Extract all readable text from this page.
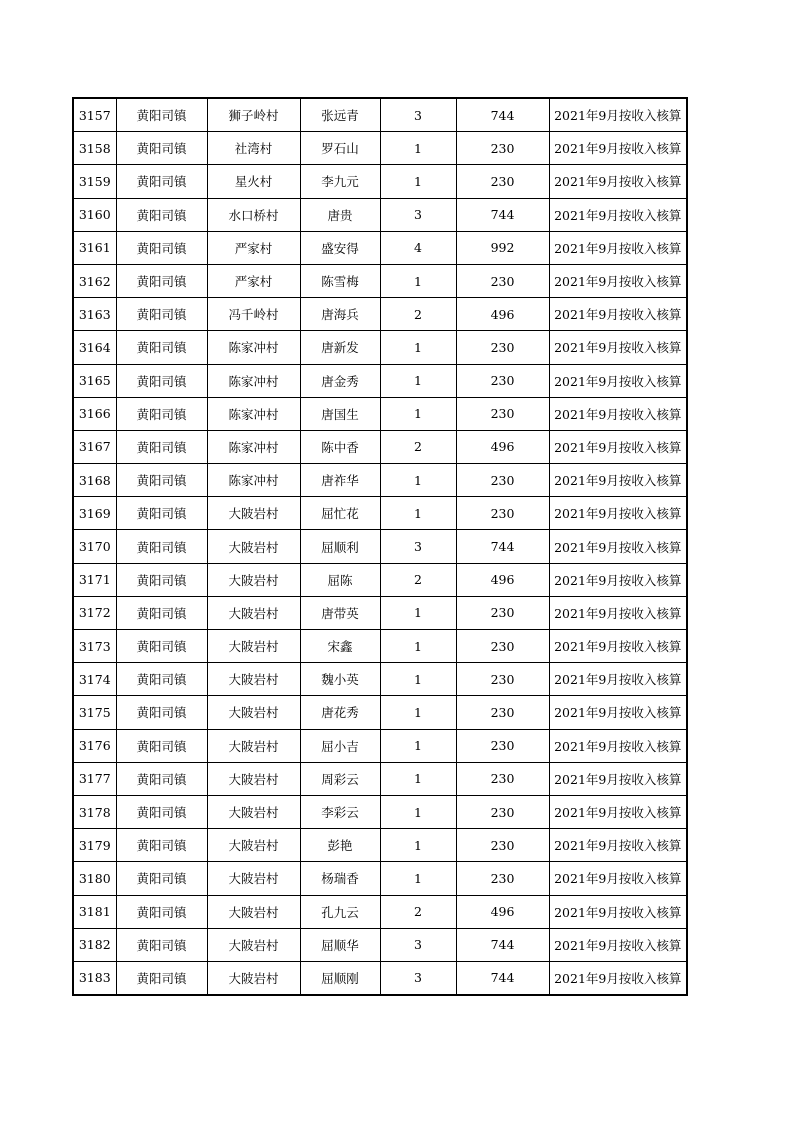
3157	黄阳司镇	狮子岭村	张远青	3	744	2021年9月按收入核算
3158	黄阳司镇	社湾村	罗石山	1	230	2021年9月按收入核算
3159	黄阳司镇	星火村	李九元	1	230	2021年9月按收入核算
3160	黄阳司镇	水口桥村	唐贵	3	744	2021年9月按收入核算
3161	黄阳司镇	严家村	盛安得	4	992	2021年9月按收入核算
3162	黄阳司镇	严家村	陈雪梅	1	230	2021年9月按收入核算
3163	黄阳司镇	冯千岭村	唐海兵	2	496	2021年9月按收入核算
3164	黄阳司镇	陈家冲村	唐新发	1	230	2021年9月按收入核算
3165	黄阳司镇	陈家冲村	唐金秀	1	230	2021年9月按收入核算
3166	黄阳司镇	陈家冲村	唐国生	1	230	2021年9月按收入核算
3167	黄阳司镇	陈家冲村	陈中香	2	496	2021年9月按收入核算
3168	黄阳司镇	陈家冲村	唐祚华	1	230	2021年9月按收入核算
3169	黄阳司镇	大陂岩村	屈忙花	1	230	2021年9月按收入核算
3170	黄阳司镇	大陂岩村	屈顺利	3	744	2021年9月按收入核算
3171	黄阳司镇	大陂岩村	屈陈	2	496	2021年9月按收入核算
3172	黄阳司镇	大陂岩村	唐带英	1	230	2021年9月按收入核算
3173	黄阳司镇	大陂岩村	宋鑫	1	230	2021年9月按收入核算
3174	黄阳司镇	大陂岩村	魏小英	1	230	2021年9月按收入核算
3175	黄阳司镇	大陂岩村	唐花秀	1	230	2021年9月按收入核算
3176	黄阳司镇	大陂岩村	屈小吉	1	230	2021年9月按收入核算
3177	黄阳司镇	大陂岩村	周彩云	1	230	2021年9月按收入核算
3178	黄阳司镇	大陂岩村	李彩云	1	230	2021年9月按收入核算
3179	黄阳司镇	大陂岩村	彭艳	1	230	2021年9月按收入核算
3180	黄阳司镇	大陂岩村	杨瑞香	1	230	2021年9月按收入核算
3181	黄阳司镇	大陂岩村	孔九云	2	496	2021年9月按收入核算
3182	黄阳司镇	大陂岩村	屈顺华	3	744	2021年9月按收入核算
3183	黄阳司镇	大陂岩村	屈顺刚	3	744	2021年9月按收入核算
